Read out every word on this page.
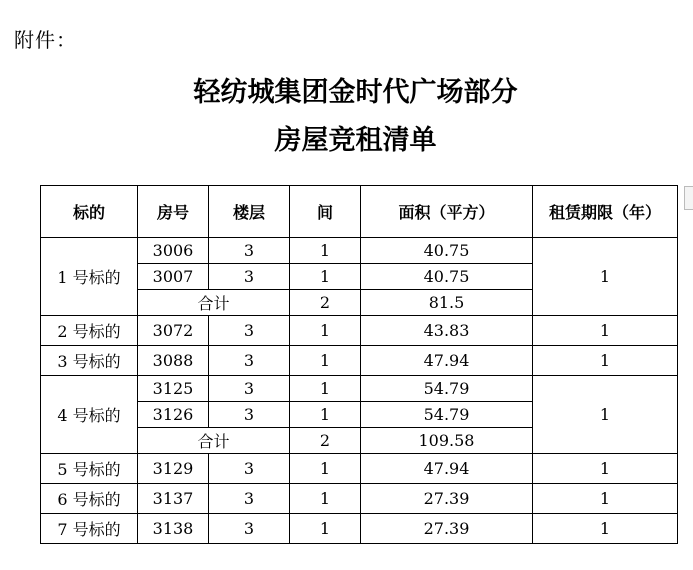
附件：
轻纺城集团金时代广场部分
房屋竞租清单
标的	房号	楼层	间	面积（平方）	租赁期限（年）
1 号标的	3006	3	1	40.75	1
	3007	3	1	40.75	
	合计		2	81.5	
2 号标的	3072	3	1	43.83	1
3 号标的	3088	3	1	47.94	1
4 号标的	3125	3	1	54.79	1
	3126	3	1	54.79	
	合计		2	109.58	
5 号标的	3129	3	1	47.94	1
6 号标的	3137	3	1	27.39	1
7 号标的	3138	3	1	27.39	1
